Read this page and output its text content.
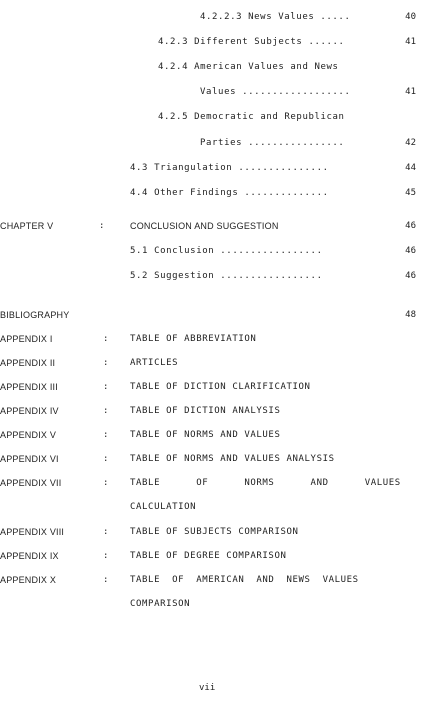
4.2.2.3 News Values .....	40
4.2.3 Different Subjects ......	41
4.2.4 American Values and News
Values ..................	41
4.2.5 Democratic and Republican
Parties ................	42
4.3 Triangulation ...............	44
4.4 Other Findings ..............	45
CHAPTER V	:	CONCLUSION AND SUGGESTION	46
5.1 Conclusion .................	46
5.2 Suggestion .................	46
BIBLIOGRAPHY	48
APPENDIX I	: TABLE OF ABBREVIATION
APPENDIX II	: ARTICLES
APPENDIX III	: TABLE OF DICTION CLARIFICATION
APPENDIX IV	: TABLE OF DICTION ANALYSIS
APPENDIX V	: TABLE OF NORMS AND VALUES
APPENDIX VI	: TABLE OF NORMS AND VALUES ANALYSIS
APPENDIX VII	: TABLE      OF      NORMS      AND      VALUES
CALCULATION
APPENDIX VIII	: TABLE OF SUBJECTS COMPARISON
APPENDIX IX	: TABLE OF DEGREE COMPARISON
APPENDIX X	: TABLE  OF  AMERICAN  AND  NEWS  VALUES
COMPARISON
vii
